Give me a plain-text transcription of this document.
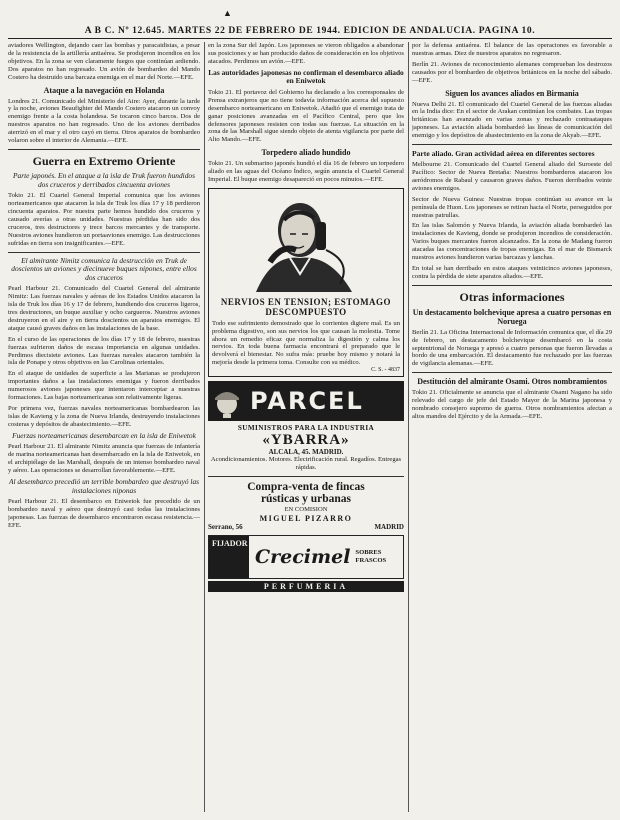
▲
A B C. Nº 12.645. MARTES 22 DE FEBRERO DE 1944. EDICION DE ANDALUCIA. PAGINA 10.

aviadores Wellington, dejando caer las bombas y paracaidistas, a pesar de la resistencia de la artillería antiaérea. Se produjeron incendios en los objetivos. En la zona se ven claramente fuegos que continúan ardiendo. Dos aparatos no han regresado. Un avión de bombardeo del Mando Costero ha destruido una barcaza enemiga en el mar del Norte.—EFE.

Ataque a la navegación en Holanda

Londres 21. Comunicado del Ministerio del Aire: Ayer, durante la tarde y la noche, aviones Beaufighter del Mando Costero atacaron un convoy enemigo frente a la costa holandesa. Se tocaron cinco barcos. Dos de nuestros aparatos no han regresado. Uno de los aviones derribados aterrizó en el mar y el otro cayó en tierra. Otros aparatos de bombardeo volaron sobre el interior de Alemania.—EFE.

Guerra en Extremo Oriente
Parte japonés. En el ataque a la isla de Truk fueron hundidos dos cruceros y derribados cincuenta aviones

Tokio 21. El Cuartel General Imperial comunica que los aviones norteamericanos que atacaron la isla de Truk los días 17 y 18 perdieron cincuenta aparatos. Por nuestra parte hemos hundido dos cruceros y causado averías a otras unidades. Nuestras pérdidas han sido dos cruceros, tres destructores y trece barcos mercantes y de transporte. Nuestros aviones hundieron un portaaviones enemigo. Las destrucciones sufridas en tierra son insignificantes.—EFE.

El almirante Nimitz comunica la destrucción en Truk de doscientos un aviones y diecinueve buques nipones, entre ellos dos cruceros

Pearl Harbour 21. Comunicado del Cuartel General del almirante Nimitz: Las fuerzas navales y aéreas de los Estados Unidos atacaron la isla de Truk los días 16 y 17 de febrero, hundiendo dos cruceros ligeros, tres destructores, un buque auxiliar y ocho cargueros. Nuestros aviones destruyeron en el aire y en tierra doscientos un aparatos enemigos. El ataque causó graves daños en las instalaciones de la base.

En el curso de las operaciones de los días 17 y 18 de febrero, nuestras fuerzas sufrieron daños de escasa importancia en algunas unidades. Perdimos diecisiete aviones. Las fuerzas navales atacaron también la isla de Ponape y otros objetivos en las Carolinas orientales.

En el ataque de unidades de superficie a las Marianas se produjeron importantes daños a las instalaciones enemigas y fueron derribados numerosos aviones japoneses que intentaron interceptar a nuestras formaciones. Las bajas norteamericanas son relativamente ligeras.

Por primera vez, fuerzas navales norteamericanas bombardearon las islas de Kavieng y la zona de Nueva Irlanda, destruyendo instalaciones costeras y depósitos de abastecimiento.—EFE.

Fuerzas norteamericanas desembarcan en la isla de Eniwetok

Pearl Harbour 21. El almirante Nimitz anuncia que fuerzas de infantería de marina norteamericanas han desembarcado en la isla de Eniwetok, en el archipiélago de las Marshall, después de un intenso bombardeo naval y aéreo. Las operaciones se desarrollan favorablemente.—EFE.

Al desembarco precedió un terrible bombardeo que destruyó las instalaciones niponas

Pearl Harbour 21. El desembarco en Eniwetok fue precedido de un bombardeo naval y aéreo que destruyó casi todas las instalaciones japonesas. Las fuerzas de desembarco encontraron escasa resistencia.—EFE.

en la zona Sur del Japón. Los japoneses se vieron obligados a abandonar sus posiciones y se han producido daños de consideración en los objetivos atacados. Perdimos un avión.—EFE.

Las autoridades japonesas no confirman el desembarco aliado en Eniwetok

Tokio 21. El portavoz del Gobierno ha declarado a los corresponsales de Prensa extranjeros que no tiene todavía información acerca del supuesto desembarco norteamericano en Eniwetok. Añadió que el enemigo trata de ganar posiciones avanzadas en el Pacífico Central, pero que los defensores japoneses resisten con todas sus fuerzas. La situación en la zona de las Marshall sigue siendo objeto de atenta vigilancia por parte del Alto Mando.—EFE.

Torpedero aliado hundido

Tokio 21. Un submarino japonés hundió el día 16 de febrero un torpedero aliado en las aguas del Océano Índico, según anuncia el Cuartel General Imperial. El buque enemigo desapareció en pocos minutos.—EFE.

NERVIOS EN TENSION; ESTOMAGO DESCOMPUESTO
Todo ese sufrimiento demostrado que lo corrientes digiere mal. Es un problema digestivo, son sus nervios los que causan la molestia. Tome ahora un remedio eficaz que normaliza la digestión y calma los nervios. En toda buena farmacia encontrará el preparado que le devolverá el bienestar. No sufra más: pruebe hoy mismo y notará la mejoría desde la primera toma. Consulte con su médico.
C. S. - 4837
PARCEL
SUMINISTROS PARA LA INDUSTRIA
«YBARRA»
ALCALA, 45. MADRID.
Acondicionamientos. Motores. Electrificación rural. Regadíos. Entregas rápidas.
Compra-venta de fincas
rústicas y urbanas
EN COMISION
MIGUEL PIZARRO
Serrano, 56	MADRID
FIJADOR
Crecimel SOBRES FRASCOS
PERFUMERIA

por la defensa antiaérea. El balance de las operaciones es favorable a nuestras armas. Diez de nuestros aparatos no regresaron.

Berlín 21. Aviones de reconocimiento alemanes comprueban los destrozos causados por el bombardeo de objetivos británicos en la noche del sábado.—EFE.

Siguen los avances aliados en Birmania

Nueva Delhi 21. El comunicado del Cuartel General de las fuerzas aliadas en la India dice: En el sector de Arakan continúan los combates. Las tropas británicas han avanzado en varias zonas y rechazado contraataques japoneses. La aviación aliada bombardeó las líneas de comunicación del enemigo y los depósitos de abastecimiento en la zona de Akyab.—EFE.

Parte aliado. Gran actividad aérea en diferentes sectores

Melbourne 21. Comunicado del Cuartel General aliado del Suroeste del Pacífico: Sector de Nueva Bretaña: Nuestros bombarderos atacaron los aeródromos de Rabaul y causaron graves daños. Fueron derribados veinte aviones enemigos.

Sector de Nueva Guinea: Nuestras tropas continúan su avance en la península de Huon. Los japoneses se retiran hacia el Norte, perseguidos por nuestras patrullas.

En las islas Salomón y Nueva Irlanda, la aviación aliada bombardeó las instalaciones de Kavieng, donde se produjeron incendios de consideración. Varios buques mercantes fueron alcanzados. En la zona de Madang fueron atacadas las concentraciones de tropas enemigas. En el mar de Bismarck nuestros aviones hundieron varias barcazas y lanchas.

En total se han derribado en estos ataques veinticinco aviones japoneses, contra la pérdida de siete aparatos aliados.—EFE.

Otras informaciones
Un destacamento bolchevique apresa a cuatro personas en Noruega

Berlín 21. La Oficina Internacional de Información comunica que, el día 29 de febrero, un destacamento bolchevique desembarcó en la costa septentrional de Noruega y apresó a cuatro personas que fueron llevadas a bordo de una embarcación. El destacamento fue rechazado por las fuerzas de vigilancia alemanas.—EFE.

Destitución del almirante Osami. Otros nombramientos

Tokio 21. Oficialmente se anuncia que el almirante Osami Nagano ha sido relevado del cargo de jefe del Estado Mayor de la Marina japonesa y nombrado consejero supremo de guerra. Otros nombramientos afectan a altos mandos del Ejército y de la Armada.—EFE.
